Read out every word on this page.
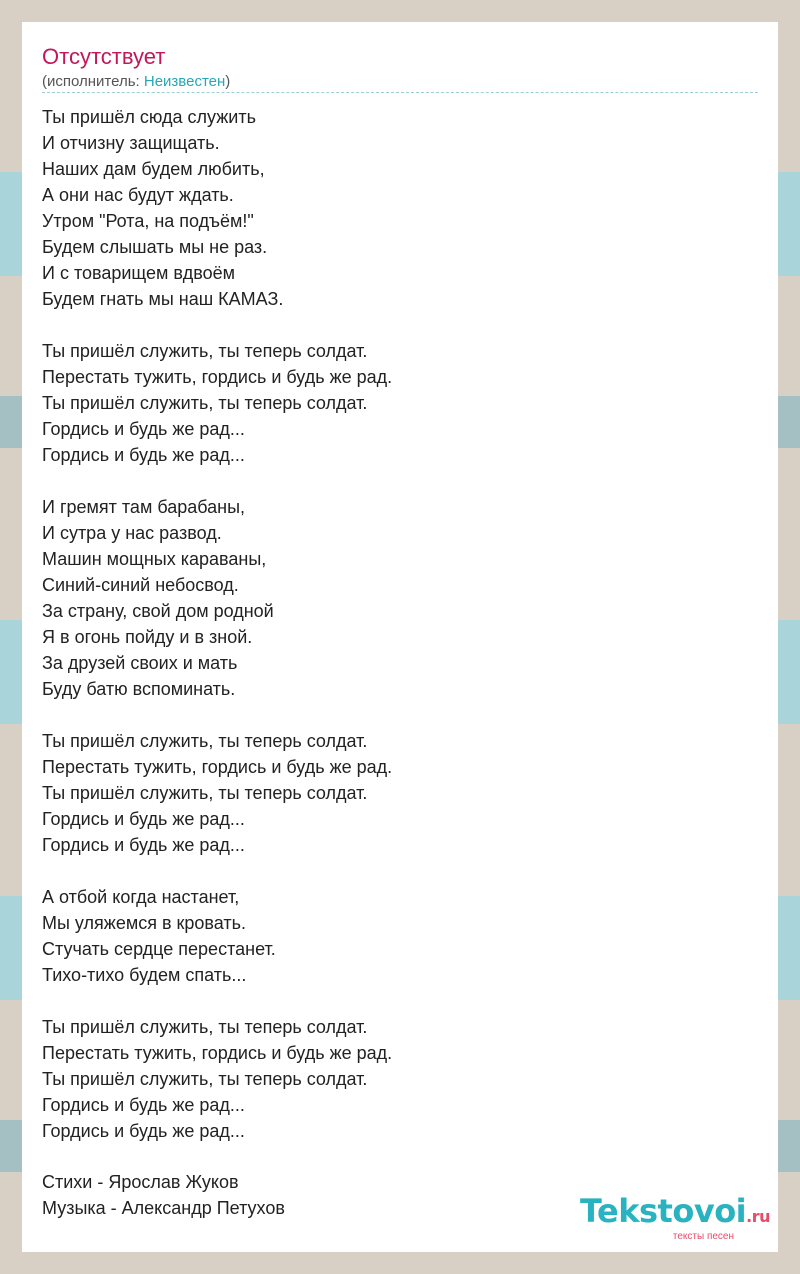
Отсутствует
(исполнитель: Неизвестен)
Ты пришёл сюда служить
И отчизну защищать.
Наших дам будем любить,
А они нас будут ждать.
Утром "Рота, на подъём!"
Будем слышать мы не раз.
И с товарищем вдвоём
Будем гнать мы наш КАМАЗ.
Ты пришёл служить, ты теперь солдат.
Перестать тужить, гордись и будь же рад.
Ты пришёл служить, ты теперь солдат.
Гордись и будь же рад...
Гордись и будь же рад...
И гремят там барабаны,
И сутра у нас развод.
Машин мощных караваны,
Синий-синий небосвод.
За страну, свой дом родной
Я в огонь пойду и в зной.
За друзей своих и мать
Буду батю вспоминать.
Ты пришёл служить, ты теперь солдат.
Перестать тужить, гордись и будь же рад.
Ты пришёл служить, ты теперь солдат.
Гордись и будь же рад...
Гордись и будь же рад...
А отбой когда настанет,
Мы уляжемся в кровать.
Стучать сердце перестанет.
Тихо-тихо будем спать...
Ты пришёл служить, ты теперь солдат.
Перестать тужить, гордись и будь же рад.
Ты пришёл служить, ты теперь солдат.
Гордись и будь же рад...
Гордись и будь же рад...
Стихи - Ярослав Жуков
Музыка - Александр Петухов	Tekstovoi.ru
тексты песен
